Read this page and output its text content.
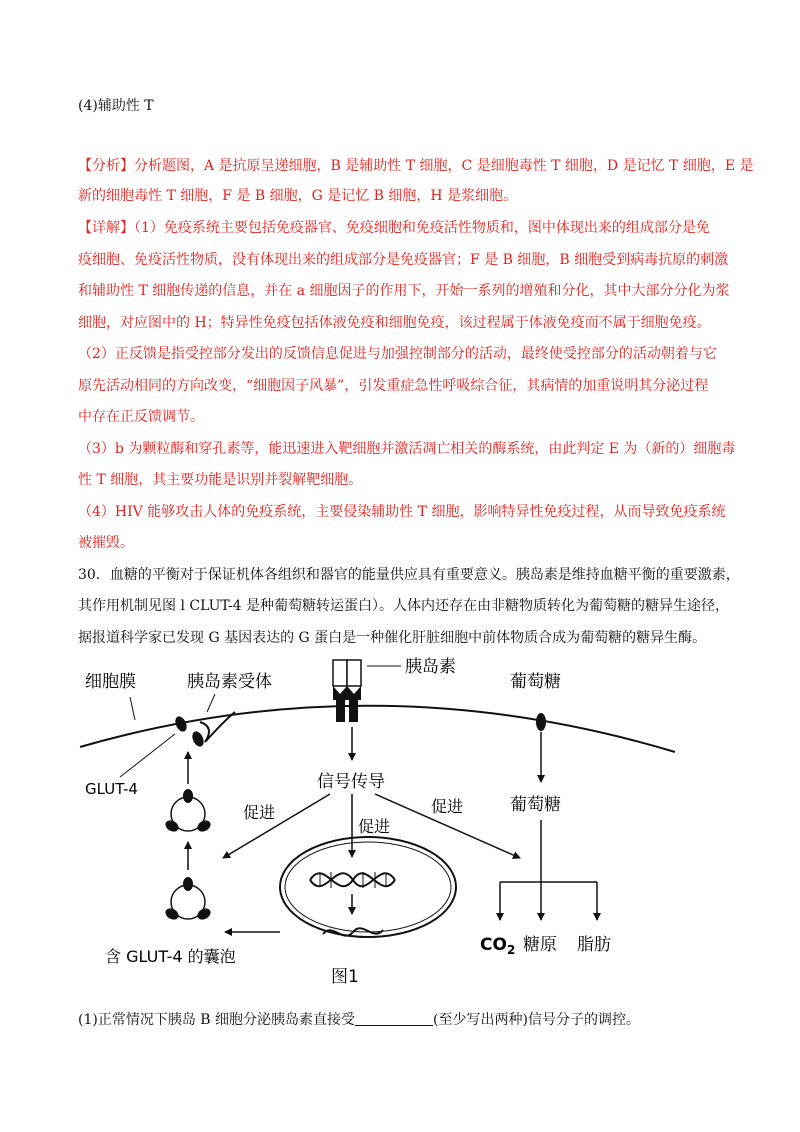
(4)辅助性 T
【分析】分析题图，A 是抗原呈递细胞，B 是辅助性 T 细胞，C 是细胞毒性 T 细胞，D 是记忆 T 细胞，E 是
新的细胞毒性 T 细胞，F 是 B 细胞，G 是记忆 B 细胞，H 是浆细胞。
【详解】（1）免疫系统主要包括免疫器官、免疫细胞和免疫活性物质和，图中体现出来的组成部分是免
疫细胞、免疫活性物质，没有体现出来的组成部分是免疫器官；F 是 B 细胞，B 细胞受到病毒抗原的刺激
和辅助性 T 细胞传递的信息，并在 a 细胞因子的作用下，开始一系列的增殖和分化，其中大部分分化为浆
细胞，对应图中的 H；特异性免疫包括体液免疫和细胞免疫，该过程属于体液免疫而不属于细胞免疫。
（2）正反馈是指受控部分发出的反馈信息促进与加强控制部分的活动，最终使受控部分的活动朝着与它
原先活动相同的方向改变，“细胞因子风暴”，引发重症急性呼吸综合征，其病情的加重说明其分泌过程
中存在正反馈调节。
（3）b 为颗粒酶和穿孔素等，能迅速进入靶细胞并激活凋亡相关的酶系统，由此判定 E 为（新的）细胞毒
性 T 细胞，其主要功能是识别并裂解靶细胞。
（4）HIV 能够攻击人体的免疫系统，主要侵染辅助性 T 细胞，影响特异性免疫过程，从而导致免疫系统
被摧毁。
30．血糖的平衡对于保证机体各组织和器官的能量供应具有重要意义。胰岛素是维持血糖平衡的重要激素，
其作用机制见图 l CLUT-4 是种葡萄糖转运蛋白）。人体内还存在由非糖物质转化为葡萄糖的糖异生途径，
据报道科学家已发现 G 基因表达的 G 蛋白是一种催化肝脏细胞中前体物质合成为葡萄糖的糖异生酶。
细胞膜	胰岛素受体
GLUT-4
胰岛素
葡萄糖
信号传导
葡萄糖
促进
促进
促进
含 GLUT-4 的囊泡
$CO_2$ 糖原 脂肪
图1
(1)正常情况下胰岛 B 细胞分泌胰岛素直接受	(至少写出两种)信号分子的调控。
